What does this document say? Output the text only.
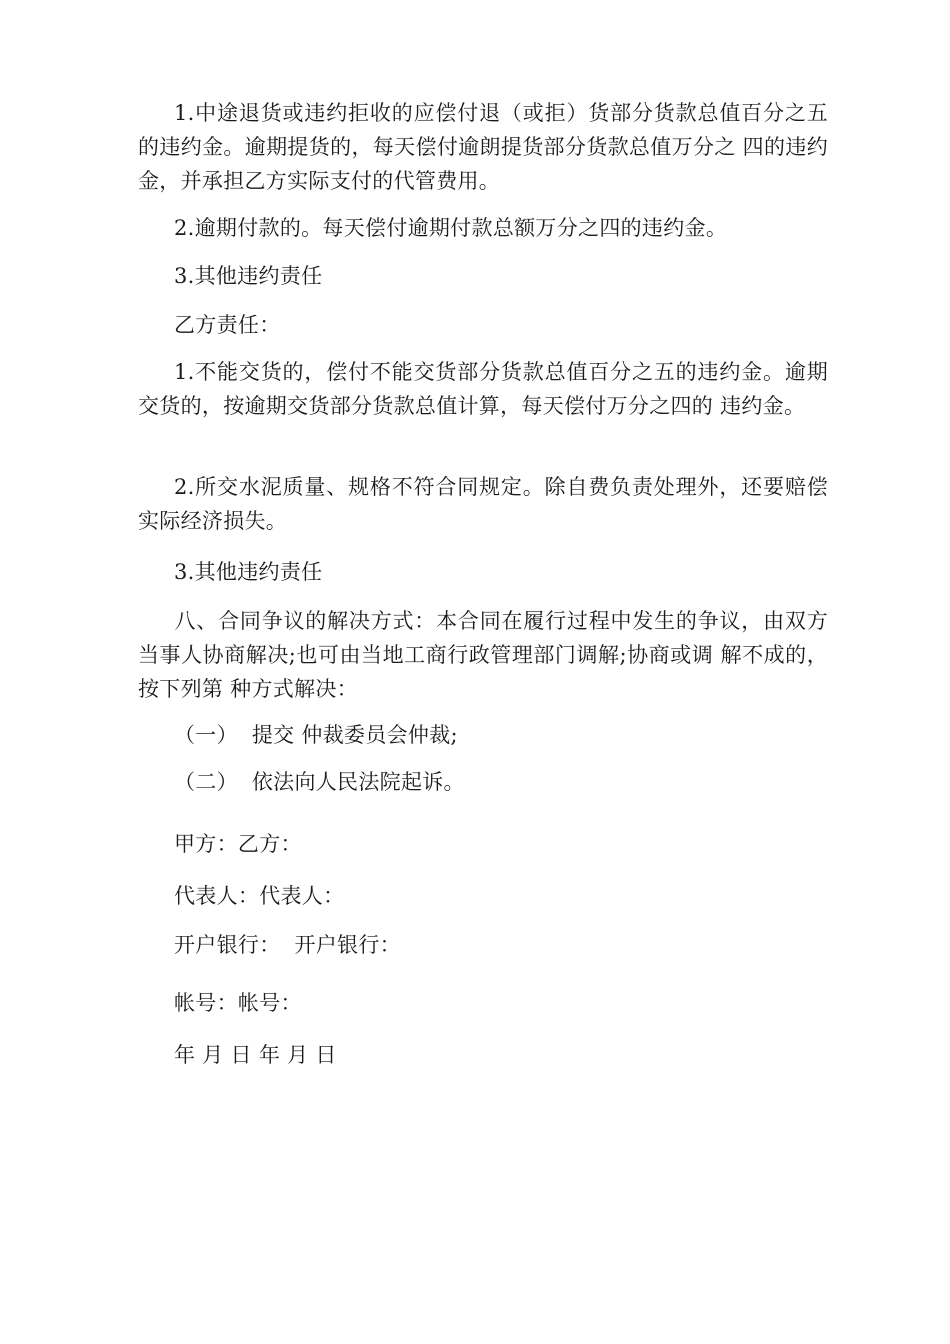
1.中途退货或违约拒收的应偿付退（或拒）货部分货款总值百分之五的违约金。逾期提货的，每天偿付逾朗提货部分货款总值万分之 四的违约金，并承担乙方实际支付的代管费用。

2.逾期付款的。每天偿付逾期付款总额万分之四的违约金。

3.其他违约责任

乙方责任：

1.不能交货的，偿付不能交货部分货款总值百分之五的违约金。逾期交货的，按逾期交货部分货款总值计算，每天偿付万分之四的 违约金。

2.所交水泥质量、规格不符合同规定。除自费负责处理外，还要赔偿实际经济损失。

3.其他违约责任

八、合同争议的解决方式：本合同在履行过程中发生的争议，由双方当事人协商解决;也可由当地工商行政管理部门调解;协商或调 解不成的，按下列第 种方式解决：

（一）  提交 仲裁委员会仲裁;

（二）  依法向人民法院起诉。

甲方：乙方：

代表人：代表人：

开户银行：  开户银行：

帐号：帐号：

年 月 日 年 月 日
